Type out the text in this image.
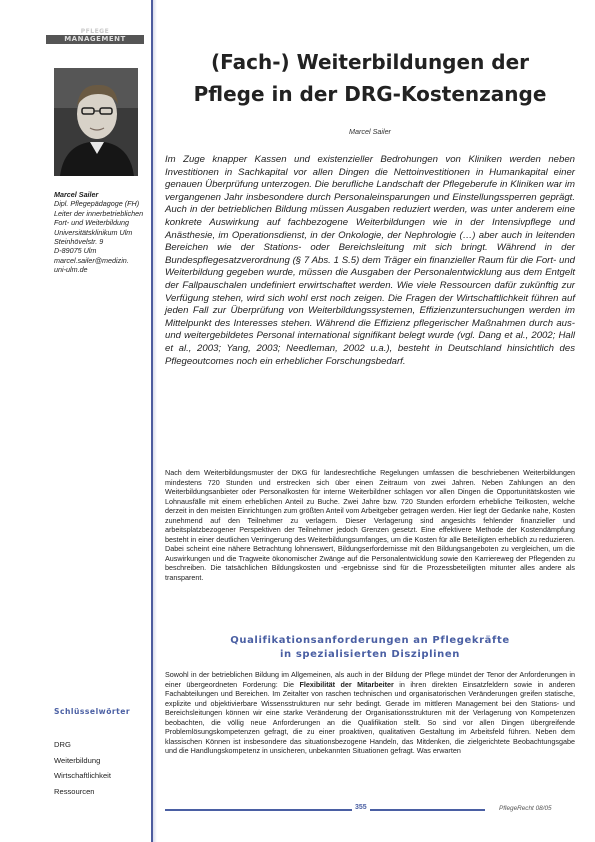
PFLEGE
MANAGEMENT
Marcel Sailer
Dipl. Pflegepädagoge (FH)
Leiter der innerbetrieblichen
Fort- und Weiterbildung
Universitätsklinikum Ulm
Steinhövelstr. 9
D-89075 Ulm
marcel.sailer@medizin.
uni-ulm.de
Schlüsselwörter
DRG
Weiterbildung
Wirtschaftlichkeit
Ressourcen
(Fach-) Weiterbildungen der
Pflege in der DRG-Kostenzange
Marcel Sailer
Im Zuge knapper Kassen und existenzieller Bedrohungen von Kliniken werden neben Investitionen in Sachkapital vor allen Dingen die Nettoinvestitionen in Humankapital einer genauen Überprüfung unterzogen. Die berufliche Landschaft der Pflegeberufe in Kliniken war im vergangenen Jahr insbesondere durch Personaleinsparungen und Einstellungssperren geprägt. Auch in der betrieblichen Bildung müssen Ausgaben reduziert werden, was unter anderem eine konkrete Auswirkung auf fachbezogene Weiterbildungen wie in der Intensivpflege und Anästhesie, im Operationsdienst, in der Onkologie, der Nephrologie (…) aber auch in leitenden Bereichen wie der Stations- oder Bereichsleitung mit sich bringt. Während in der Bundespflegesatzverordnung (§ 7 Abs. 1 S.5) dem Träger ein finanzieller Raum für die Fort- und Weiterbildung gegeben wurde, müssen die Ausgaben der Personalentwicklung aus dem Entgelt der Fallpauschalen undefiniert erwirtschaftet werden. Wie viele Ressourcen dafür zukünftig zur Verfügung stehen, wird sich wohl erst noch zeigen. Die Fragen der Wirtschaftlichkeit führen auf jeden Fall zur Überprüfung von Weiterbildungssystemen, Effizienzuntersuchungen werden im Mittelpunkt des Interesses stehen. Während die Effizienz pflegerischer Maßnahmen durch aus- und weitergebildetes Personal international signifikant belegt wurde (vgl. Dang et al., 2002; Hall et al., 2003; Yang, 2003; Needleman, 2002 u.a.), besteht in Deutschland hinsichtlich des Pflegeoutcomes noch ein erheblicher Forschungsbedarf.
Nach dem Weiterbildungsmuster der DKG für landesrechtliche Regelungen umfassen die beschriebenen Weiterbildungen mindestens 720 Stunden und erstrecken sich über einen Zeitraum von zwei Jahren. Neben Zahlungen an den Weiterbildungsanbieter oder Personalkosten für interne Weiterbildner schlagen vor allen Dingen die Opportunitätskosten wie Lohnausfälle mit einem erheblichen Anteil zu Buche. Zwei Jahre bzw. 720 Stunden erfordern erhebliche Teilkosten, welche derzeit in den meisten Einrichtungen zum größten Anteil vom Arbeitgeber getragen werden. Hier liegt der Gedanke nahe, Kosten zunehmend auf den Teilnehmer zu verlagern. Dieser Verlagerung sind angesichts fehlender finanzieller und arbeitsplatzbezogener Perspektiven der Teilnehmer jedoch Grenzen gesetzt. Eine effektivere Methode der Kostendämpfung besteht in einer deutlichen Verringerung des Weiterbildungsumfanges, um die Kosten für alle Beteiligten erheblich zu reduzieren. Dabei scheint eine nähere Betrachtung lohnenswert, Bildungserfordernisse mit den Bildungsangeboten zu vergleichen, um die Auswirkungen und die Tragweite ökonomischer Zwänge auf die Personalentwicklung sowie den Karriereweg der Pflegenden zu beschreiben. Die tatsächlichen Bildungskosten und -ergebnisse sind für die Prozessbeteiligten mitunter alles andere als transparent.
Qualifikationsanforderungen an Pflegekräfte
in spezialisierten Disziplinen
Sowohl in der betrieblichen Bildung im Allgemeinen, als auch in der Bildung der Pflege mündet der Tenor der Anforderungen in einer übergeordneten Forderung: Die Flexibilität der Mitarbeiter in ihren direkten Einsatzfeldern sowie in anderen Fachabteilungen und Bereichen. Im Zeitalter von raschen technischen und organisatorischen Veränderungen greifen statische, explizite und objektivierbare Wissensstrukturen nur sehr bedingt. Gerade im mittleren Management bei den Stations- und Bereichsleitungen können wir eine starke Veränderung der Organisationsstrukturen mit der Verlagerung von Kompetenzen beobachten, die völlig neue Anforderungen an die Qualifikation stellt. So sind vor allen Dingen übergreifende Problemlösungskompetenzen gefragt, die zu einer proaktiven, qualitativen Gestaltung im Arbeitsfeld führen. Neben dem klassischen Können ist insbesondere das situationsbezogene Handeln, das Mitdenken, die zielgerichtete Beobachtungsgabe und die Handlungskompetenz in unsicheren, unbekannten Situationen gefragt. Was erwarten
355	PflegeRecht 08/05
